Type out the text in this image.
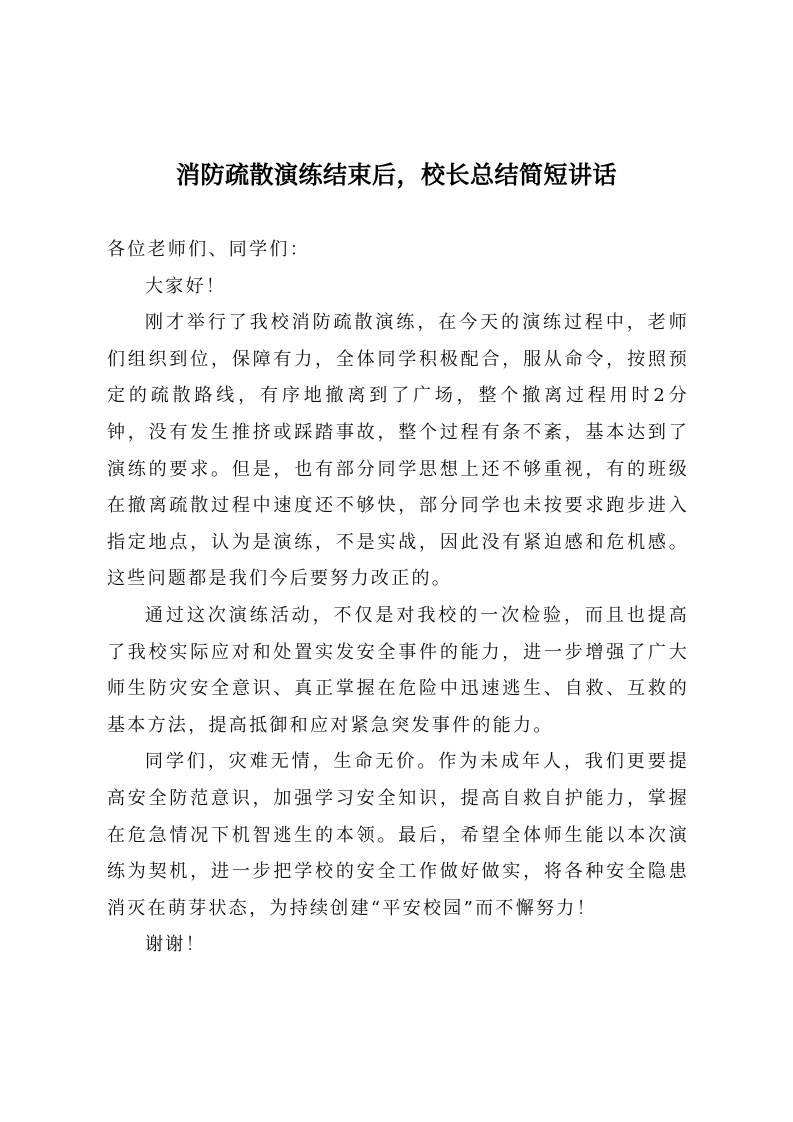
消防疏散演练结束后，校长总结简短讲话

各位老师们、同学们：

大家好！

刚才举行了我校消防疏散演练，在今天的演练过程中，老师们组织到位，保障有力，全体同学积极配合，服从命令，按照预定的疏散路线，有序地撤离到了广场，整个撤离过程用时2分钟，没有发生推挤或踩踏事故，整个过程有条不紊，基本达到了演练的要求。但是，也有部分同学思想上还不够重视，有的班级在撤离疏散过程中速度还不够快，部分同学也未按要求跑步进入指定地点，认为是演练，不是实战，因此没有紧迫感和危机感。这些问题都是我们今后要努力改正的。

通过这次演练活动，不仅是对我校的一次检验，而且也提高了我校实际应对和处置实发安全事件的能力，进一步增强了广大师生防灾安全意识、真正掌握在危险中迅速逃生、自救、互救的基本方法，提高抵御和应对紧急突发事件的能力。

同学们，灾难无情，生命无价。作为未成年人，我们更要提高安全防范意识，加强学习安全知识，提高自救自护能力，掌握在危急情况下机智逃生的本领。最后，希望全体师生能以本次演练为契机，进一步把学校的安全工作做好做实，将各种安全隐患消灭在萌芽状态，为持续创建“平安校园”而不懈努力！

谢谢！
